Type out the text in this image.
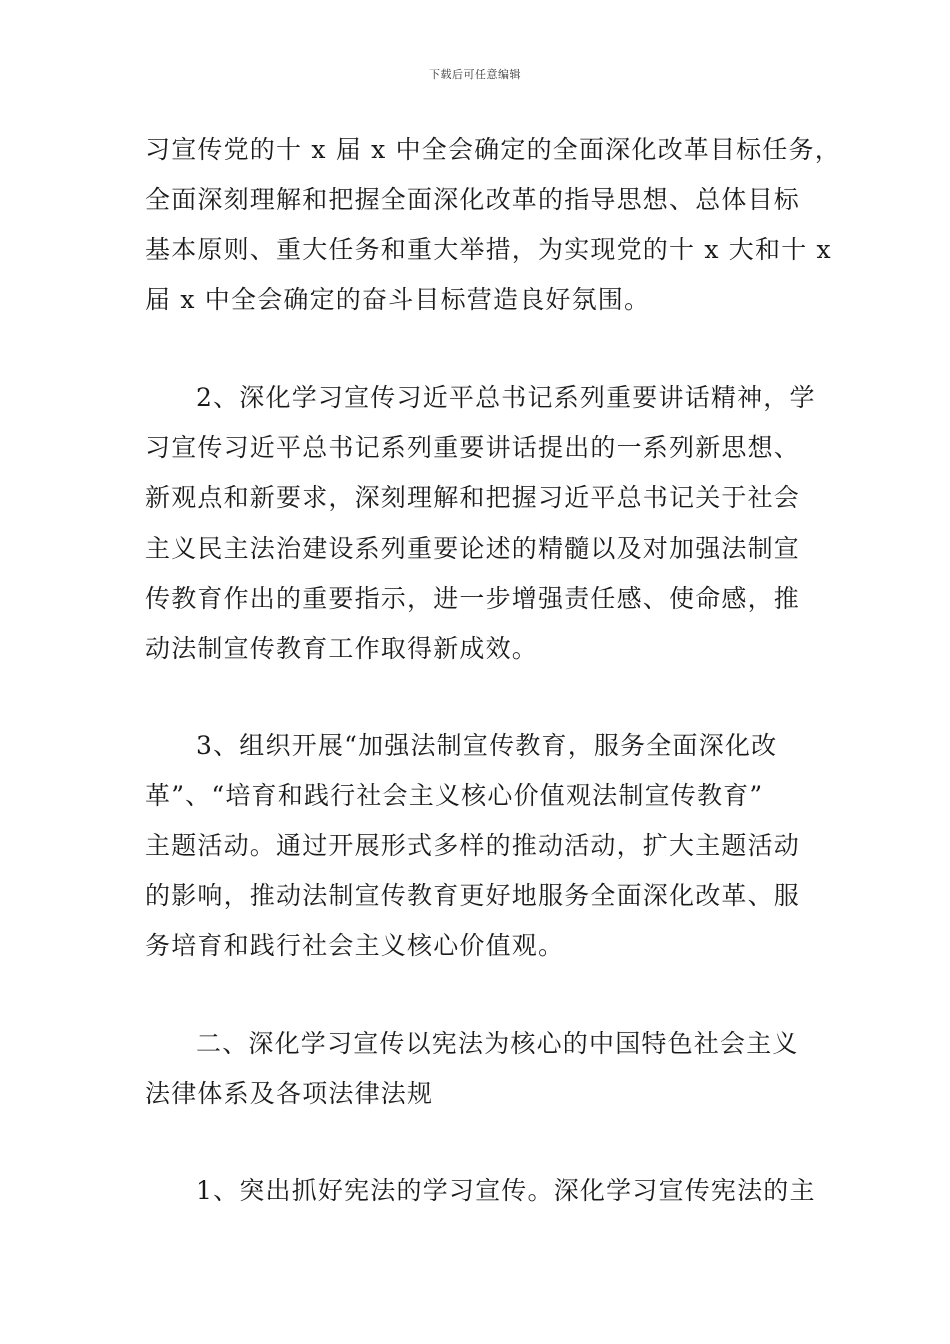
下载后可任意编辑
习宣传党的十 x 届 x 中全会确定的全面深化改革目标任务，
全面深刻理解和把握全面深化改革的指导思想、总体目标
基本原则、重大任务和重大举措，为实现党的十 x 大和十 x
届 x 中全会确定的奋斗目标营造良好氛围。
2、深化学习宣传习近平总书记系列重要讲话精神，学
习宣传习近平总书记系列重要讲话提出的一系列新思想、
新观点和新要求，深刻理解和把握习近平总书记关于社会
主义民主法治建设系列重要论述的精髓以及对加强法制宣
传教育作出的重要指示，进一步增强责任感、使命感，推
动法制宣传教育工作取得新成效。
3、组织开展“加强法制宣传教育，服务全面深化改
革”、“培育和践行社会主义核心价值观法制宣传教育”
主题活动。通过开展形式多样的推动活动，扩大主题活动
的影响，推动法制宣传教育更好地服务全面深化改革、服
务培育和践行社会主义核心价值观。
二、深化学习宣传以宪法为核心的中国特色社会主义
法律体系及各项法律法规
1、突出抓好宪法的学习宣传。深化学习宣传宪法的主
